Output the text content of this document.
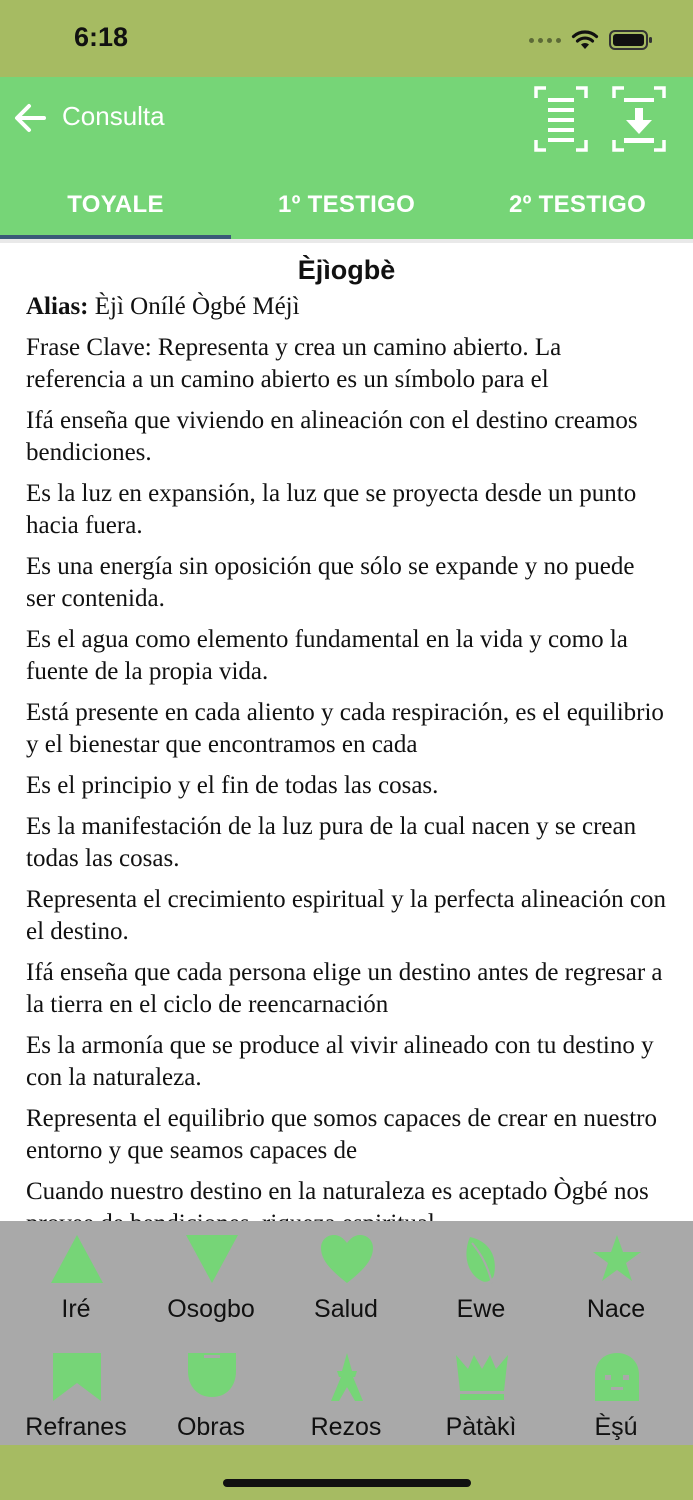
6:18
Consulta
TOYALE	1º TESTIGO	2º TESTIGO
Èjìogbè
Alias: Èjì Onílé Ògbé Méjì
Frase Clave: Representa y crea un camino abierto. La referencia a un camino abierto es un símbolo para el
Ifá enseña que viviendo en alineación con el destino creamos bendiciones.
Es la luz en expansión, la luz que se proyecta desde un punto hacia fuera.
Es una energía sin oposición que sólo se expande y no puede ser contenida.
Es el agua como elemento fundamental en la vida y como la fuente de la propia vida.
Está presente en cada aliento y cada respiración, es el equilibrio y el bienestar que encontramos en cada
Es el principio y el fin de todas las cosas.
Es la manifestación de la luz pura de la cual nacen y se crean todas las cosas.
Representa el crecimiento espiritual y la perfecta alineación con el destino.
Ifá enseña que cada persona elige un destino antes de regresar a la tierra en el ciclo de reencarnación
Es la armonía que se produce al vivir alineado con tu destino y con la naturaleza.
Representa el equilibrio que somos capaces de crear en nuestro entorno y que seamos capaces de
Cuando nuestro destino en la naturaleza es aceptado Ògbé nos
Iré	Osogbo	Salud	Ewe	Nace
Refranes	Obras	Rezos	Pàtàkì	Èşú
